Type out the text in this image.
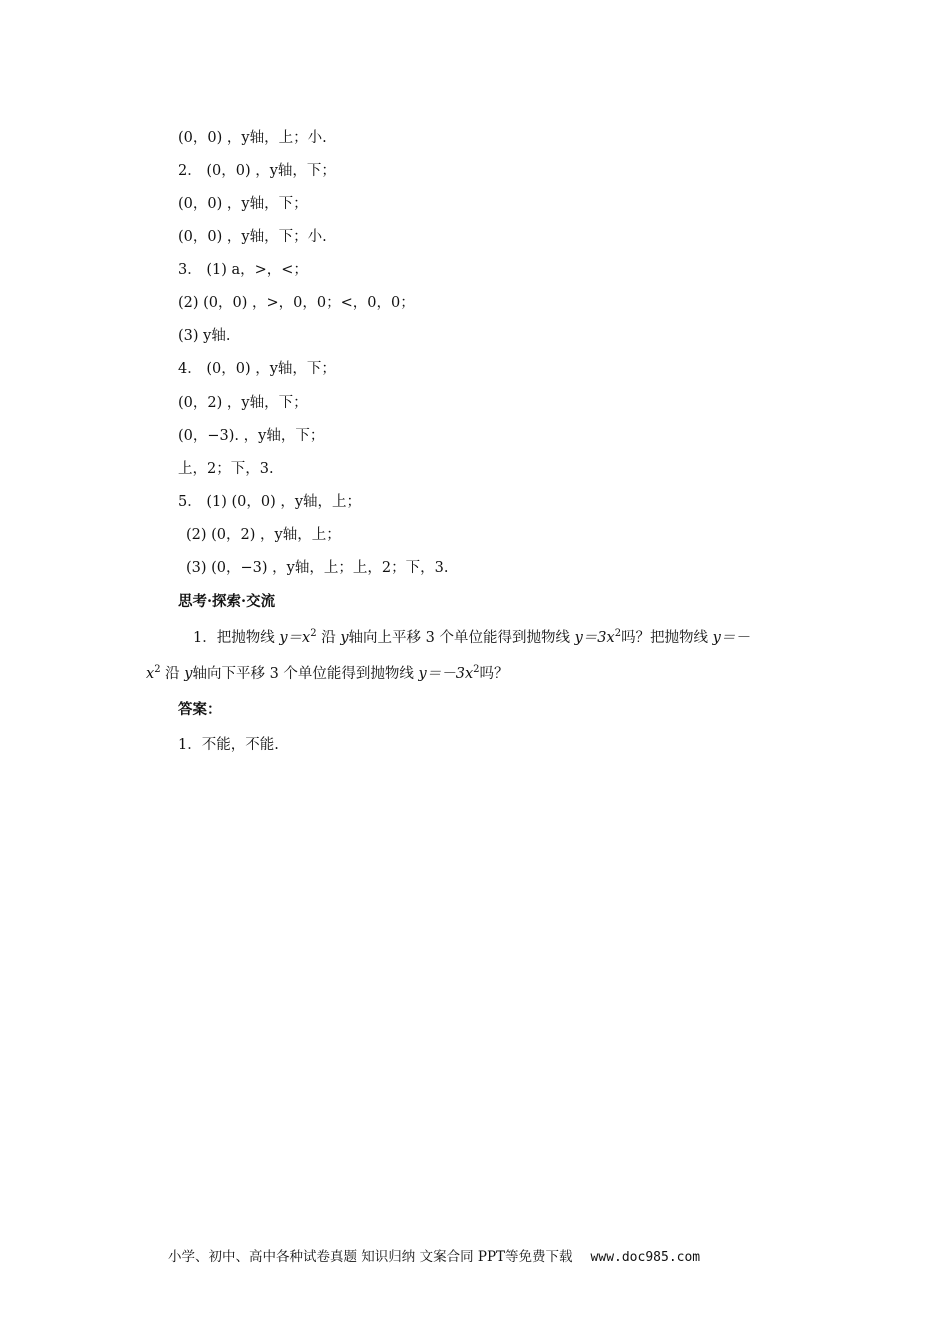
(0，0) ，y轴，上；小.
2． (0，0) ，y轴，下；
(0，0) ，y轴，下；
(0，0) ，y轴，下；小.
3． (1) a，>，<；
(2) (0，0) ，>，0，0；<，0，0；
(3) y轴.
4． (0，0) ，y轴，下；
(0，2) ，y轴，下；
(0，−3). ，y轴，下；
上，2；下，3.
5． (1) (0，0) ，y轴，上；
(2) (0，2) ，y轴，上；
(3) (0，−3) ，y轴，上；上，2；下，3.
思考·探索·交流
1．把抛物线 $y=x^2$ 沿 y轴向上平移 3 个单位能得到抛物线 $y=3x^2$吗？把抛物线 y＝－
$x^2$ 沿 y轴向下平移 3 个单位能得到抛物线 $y=-3x^2$吗？
答案：
1．不能，不能.
小学、初中、高中各种试卷真题 知识归纳 文案合同 PPT等免费下载 www.doc985.com
